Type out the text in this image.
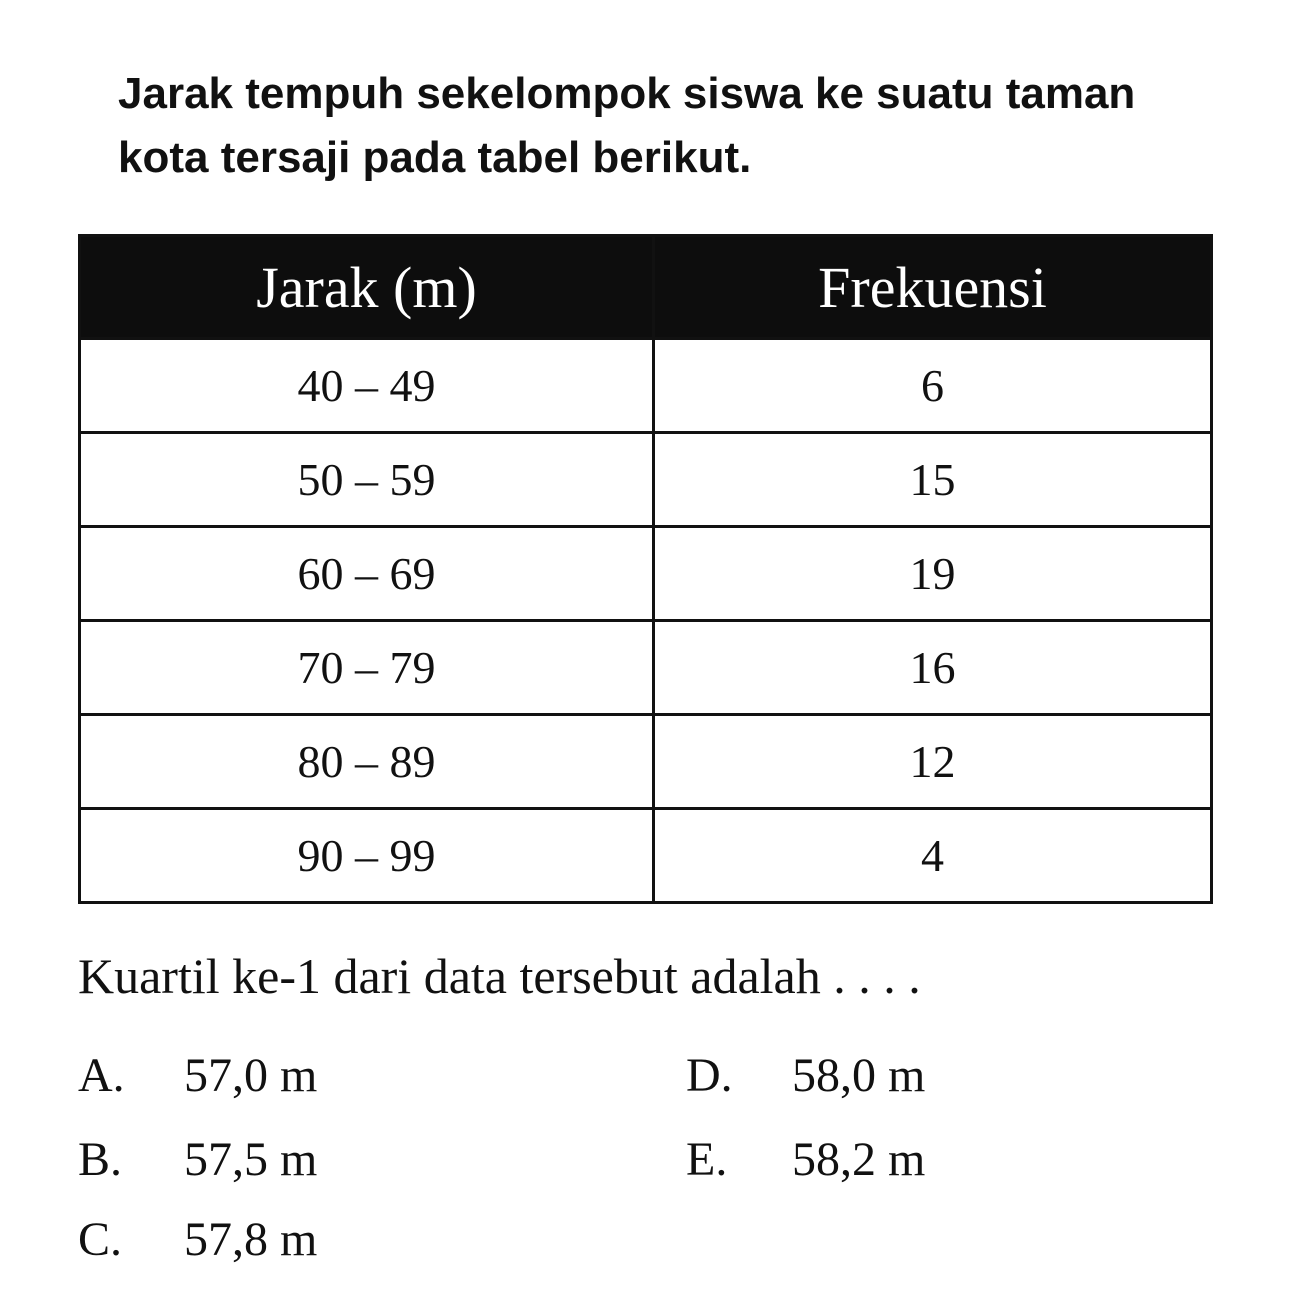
Jarak tempuh sekelompok siswa ke suatu taman kota tersaji pada tabel berikut.

Jarak (m)	Frekuensi
40 – 49	6
50 – 59	15
60 – 69	19
70 – 79	16
80 – 89	12
90 – 99	4

Kuartil ke-1 dari data tersebut adalah . . . .

A. 57,0 m
B. 57,5 m
C. 57,8 m
D. 58,0 m
E. 58,2 m
